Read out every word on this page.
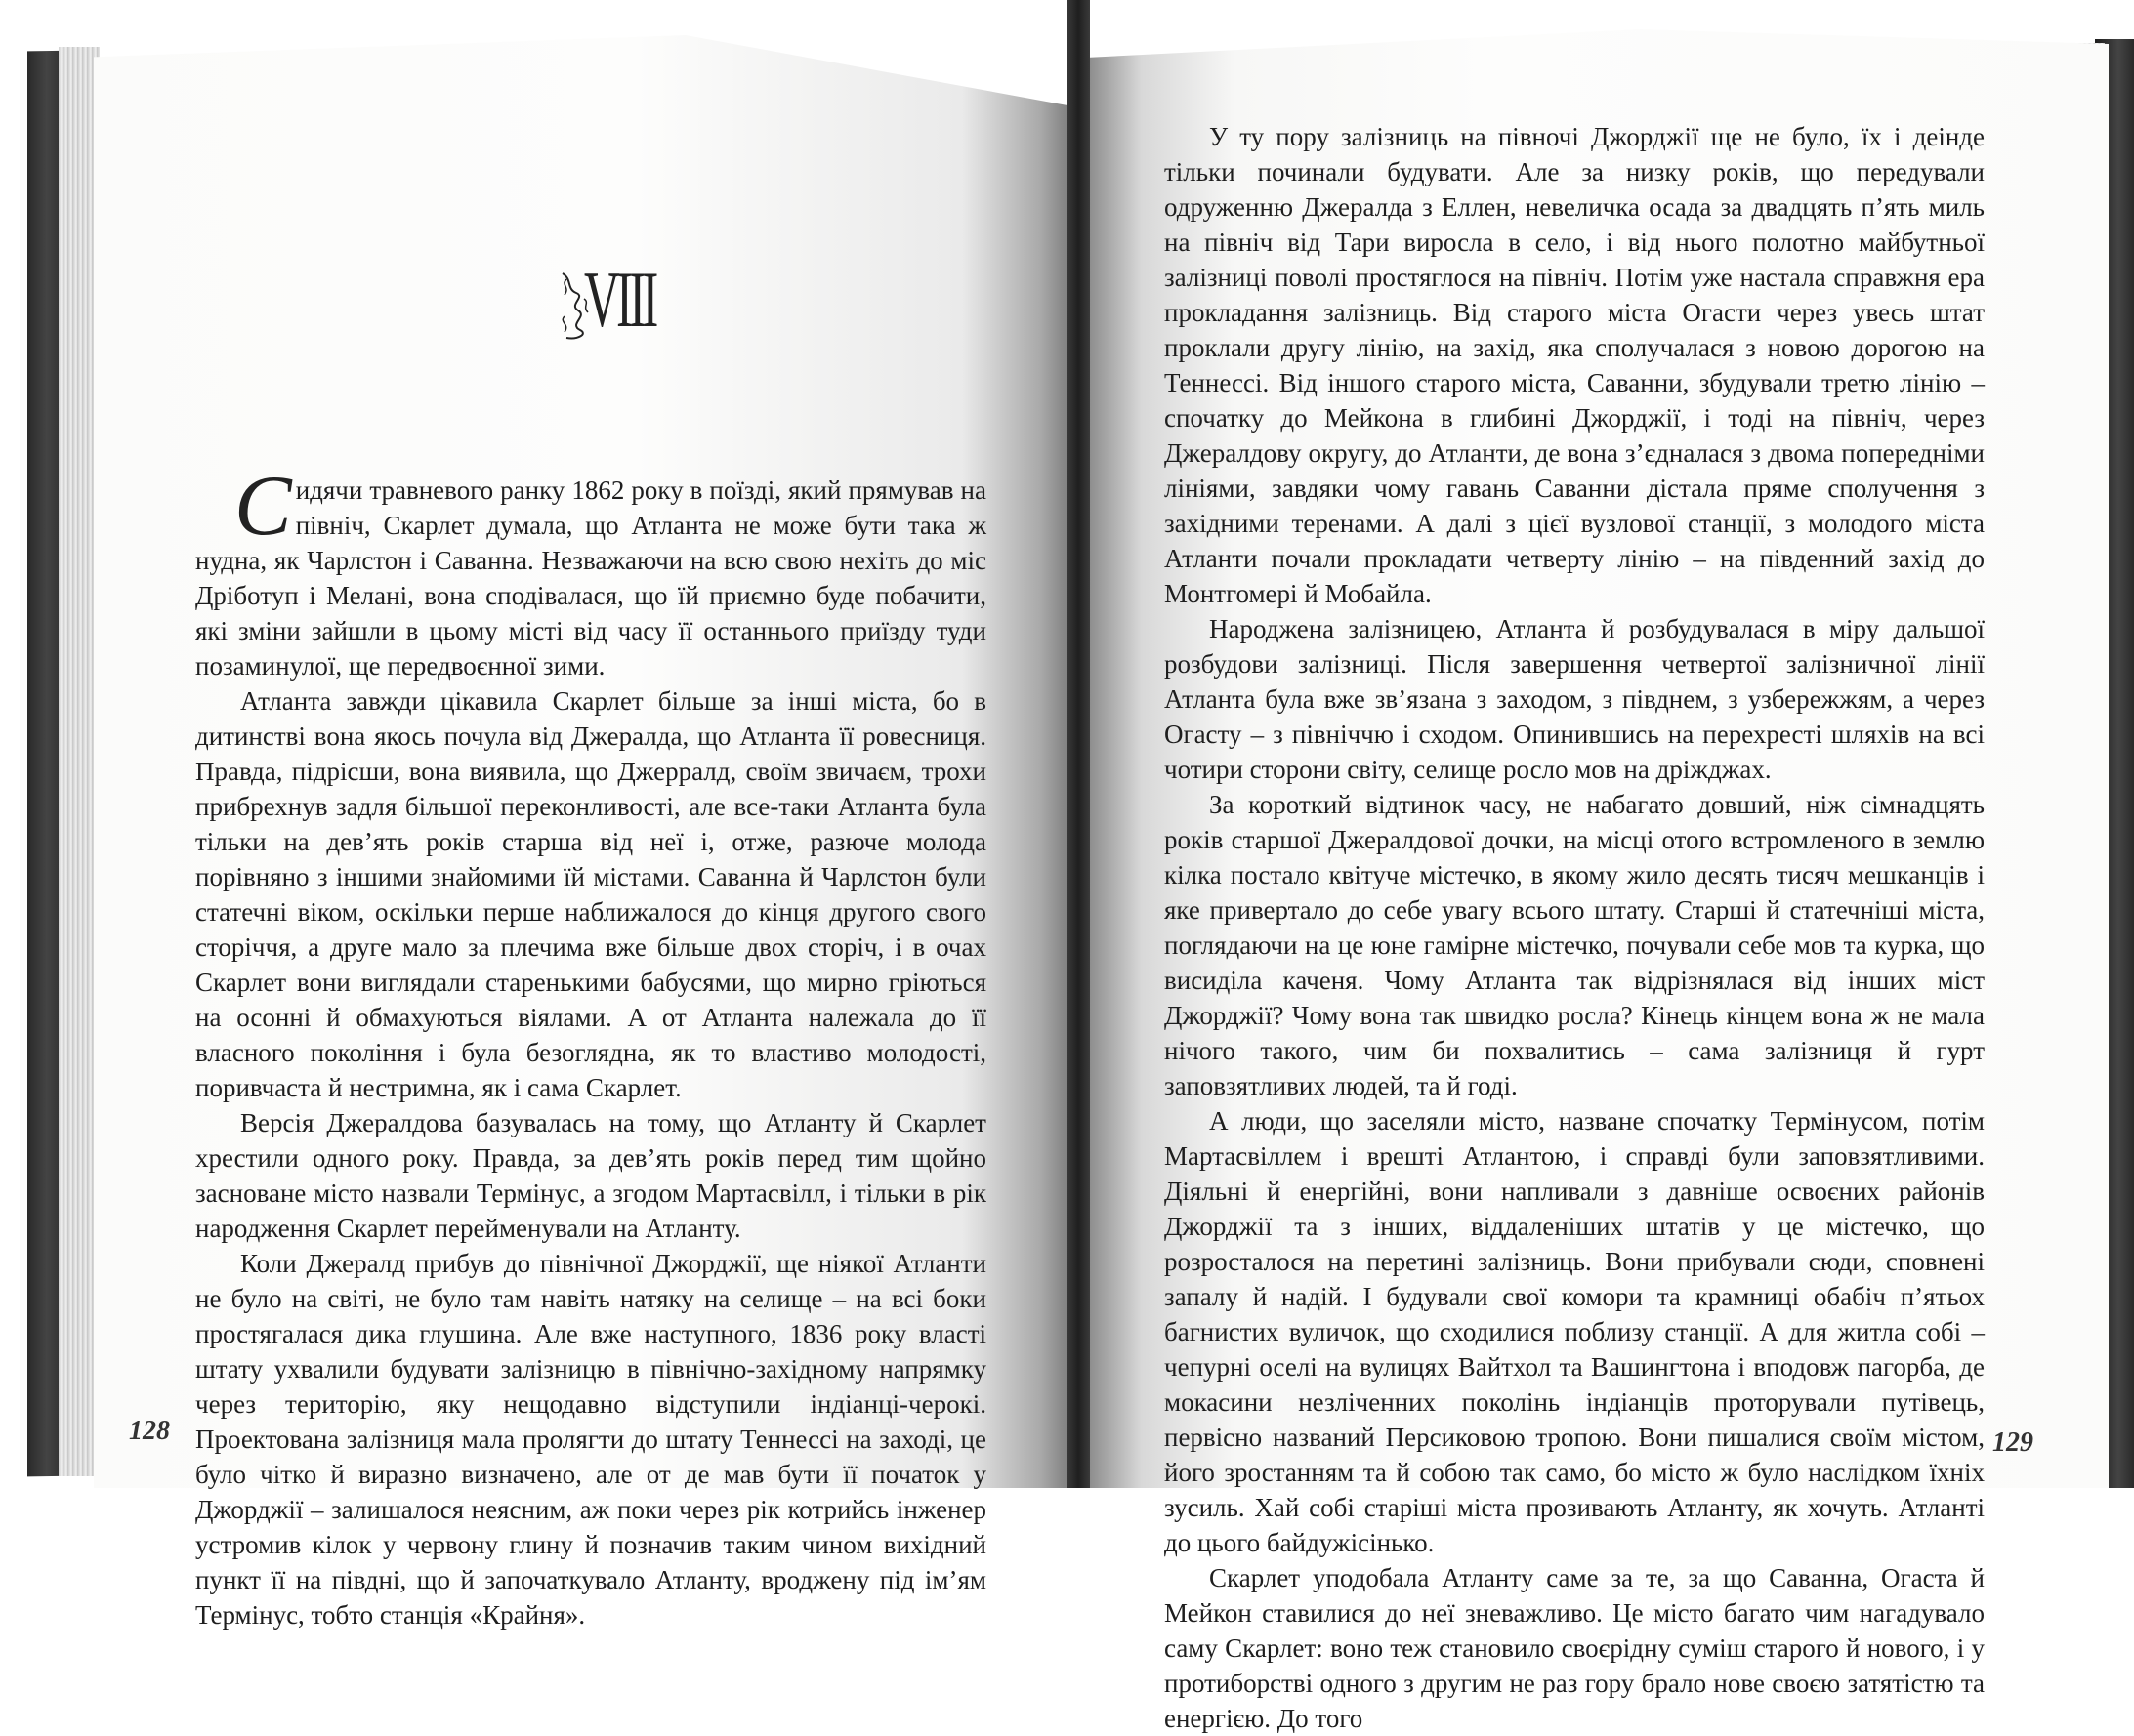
VIII

Сидячи травневого ранку 1862 року в поїзді, який прямував на північ, Скарлет думала, що Атланта не може бути така ж нудна, як Чарлстон і Саванна. Незважаючи на всю свою нехіть до міс Дріботуп і Мелані, вона сподівалася, що їй приємно буде побачити, які зміни зайшли в цьому місті від часу її останнього приїзду туди позаминулої, ще передвоєнної зими.

Атланта завжди цікавила Скарлет більше за інші міста, бо в дитинстві вона якось почула від Джералда, що Атланта її ровесниця. Правда, підрісши, вона виявила, що Джерралд, своїм звичаєм, трохи прибрехнув задля більшої переконливості, але все-таки Атланта була тільки на дев’ять років старша від неї і, отже, разюче молода порівняно з іншими знайомими їй містами. Саванна й Чарлстон були статечні віком, оскільки перше наближалося до кінця другого свого сторіччя, а друге мало за плечима вже більше двох сторіч, і в очах Скарлет вони виглядали старенькими бабусями, що мирно гріються на осонні й обмахуються віялами. А от Атланта належала до її власного покоління і була безоглядна, як то властиво молодості, поривчаста й нестримна, як і сама Скарлет.

Версія Джералдова базувалась на тому, що Атланту й Скарлет хрестили одного року. Правда, за дев’ять років перед тим щойно засноване місто назвали Термінус, а згодом Мартасвілл, і тільки в рік народження Скарлет перейменували на Атланту.

Коли Джералд прибув до північної Джорджії, ще ніякої Атланти не було на світі, не було там навіть натяку на селище – на всі боки простягалася дика глушина. Але вже наступного, 1836 року власті штату ухвалили будувати залізницю в північно-західному напрямку через територію, яку нещодавно відступили індіанці-черокі. Проектована залізниця мала пролягти до штату Теннессі на заході, це було чітко й виразно визначено, але от де мав бути її початок у Джорджії – залишалося неясним, аж поки через рік котрийсь інженер устромив кілок у червону глину й позначив таким чином вихідний пункт її на півдні, що й започаткувало Атланту, вроджену під ім’ям Термінус, тобто станція «Крайня».

128

У ту пору залізниць на півночі Джорджії ще не було, їх і деінде тільки починали будувати. Але за низку років, що передували одруженню Джералда з Еллен, невеличка осада за двадцять п’ять миль на північ від Тари виросла в село, і від нього полотно майбутньої залізниці поволі простяглося на північ. Потім уже настала справжня ера прокладання залізниць. Від старого міста Огасти через увесь штат проклали другу лінію, на захід, яка сполучалася з новою дорогою на Теннессі. Від іншого старого міста, Саванни, збудували третю лінію – спочатку до Мейкона в глибині Джорджії, і тоді на північ, через Джералдову округу, до Атланти, де вона з’єдналася з двома попередніми лініями, завдяки чому гавань Саванни дістала пряме сполучення з західними теренами. А далі з цієї вузлової станції, з молодого міста Атланти почали прокладати четверту лінію – на південний захід до Монтгомері й Мобайла.

Народжена залізницею, Атланта й розбудувалася в міру дальшої розбудови залізниці. Після завершення четвертої залізничної лінії Атланта була вже зв’язана з заходом, з півднем, з узбережжям, а через Огасту – з північчю і сходом. Опинившись на перехресті шляхів на всі чотири сторони світу, селище росло мов на дріжджах.

За короткий відтинок часу, не набагато довший, ніж сімнадцять років старшої Джералдової дочки, на місці отого встромленого в землю кілка постало квітуче містечко, в якому жило десять тисяч мешканців і яке привертало до себе увагу всього штату. Старші й статечніші міста, поглядаючи на це юне гамірне містечко, почували себе мов та курка, що висиділа каченя. Чому Атланта так відрізнялася від інших міст Джорджії? Чому вона так швидко росла? Кінець кінцем вона ж не мала нічого такого, чим би похвалитись – сама залізниця й гурт заповзятливих людей, та й годі.

А люди, що заселяли місто, назване спочатку Термінусом, потім Мартасвіллем і врешті Атлантою, і справді були заповзятливими. Діяльні й енергійні, вони напливали з давніше освоєних районів Джорджії та з інших, віддаленіших штатів у це містечко, що розросталося на перетині залізниць. Вони прибували сюди, сповнені запалу й надій. І будували свої комори та крамниці обабіч п’ятьох багнистих вуличок, що сходилися поблизу станції. А для житла собі – чепурні оселі на вулицях Вайтхол та Вашингтона і вподовж пагорба, де мокасини незліченних поколінь індіанців проторували путівець, первісно названий Персиковою тропою. Вони пишалися своїм містом, його зростанням та й собою так само, бо місто ж було наслідком їхніх зусиль. Хай собі старіші міста прозивають Атланту, як хочуть. Атланті до цього байдужісінько.

Скарлет уподобала Атланту саме за те, за що Саванна, Огаста й Мейкон ставилися до неї зневажливо. Це місто багато чим нагадувало саму Скарлет: воно теж становило своєрідну суміш старого й нового, і у протиборстві одного з другим не раз гору брало нове своєю затятістю та енергією. До того

129
